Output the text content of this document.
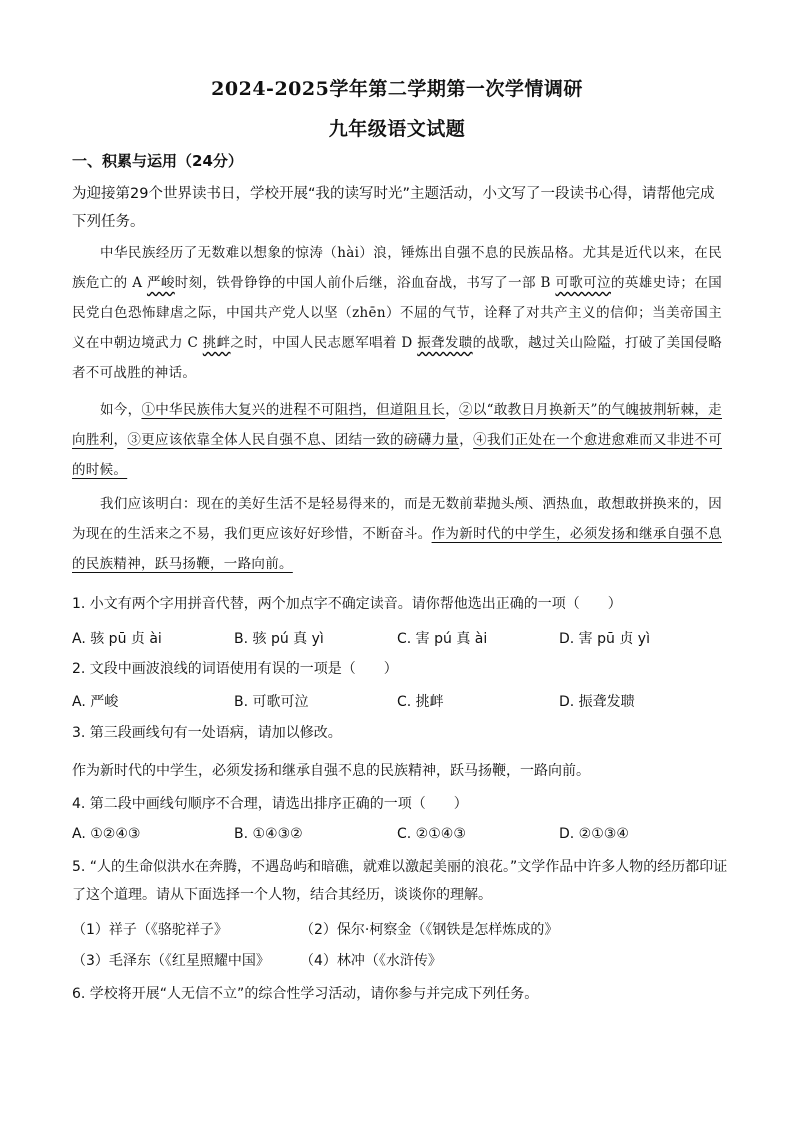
2024-2025学年第二学期第一次学情调研
九年级语文试题
一、积累与运用（24分）
为迎接第29个世界读书日，学校开展“我的读写时光”主题活动，小文写了一段读书心得，请帮他完成下列任务。
中华民族经历了无数难以想象的惊涛（hài）浪，锤炼出自强不息的民族品格。尤其是近代以来，在民族危亡的 A 严峻时刻，铁骨铮铮的中国人前仆后继，浴血奋战，书写了一部 B 可歌可泣的英雄史诗；在国民党白色恐怖肆虐之际，中国共产党人以坚（zhēn）不屈的气节，诠释了对共产主义的信仰；当美帝国主义在中朝边境武力 C 挑衅之时，中国人民志愿军唱着 D 振聋发聩的战歌，越过关山险隘，打破了美国侵略者不可战胜的神话。
如今，①中华民族伟大复兴的进程不可阻挡，但道阻且长，②以“敢教日月换新天”的气魄披荆斩棘，走向胜利，③更应该依靠全体人民自强不息、团结一致的磅礴力量，④我们正处在一个愈进愈难而又非进不可的时候。
我们应该明白：现在的美好生活不是轻易得来的，而是无数前辈抛头颅、洒热血，敢想敢拼换来的，因为现在的生活来之不易，我们更应该好好珍惜，不断奋斗。作为新时代的中学生，必须发扬和继承自强不息的民族精神，跃马扬鞭，一路向前。
1. 小文有两个字用拼音代替，两个加点字不确定读音。请你帮他选出正确的一项（　　）
A. 骇 pū 贞 ài	B. 骇 pú 真 yì	C. 害 pú 真 ài	D. 害 pū 贞 yì
2. 文段中画波浪线的词语使用有误的一项是（　　）
A. 严峻	B. 可歌可泣	C. 挑衅	D. 振聋发聩
3. 第三段画线句有一处语病，请加以修改。
作为新时代的中学生，必须发扬和继承自强不息的民族精神，跃马扬鞭，一路向前。
4. 第二段中画线句顺序不合理，请选出排序正确的一项（　　）
A. ①②④③	B. ①④③②	C. ②①④③	D. ②①③④
5. “人的生命似洪水在奔腾，不遇岛屿和暗礁，就难以激起美丽的浪花。”文学作品中许多人物的经历都印证了这个道理。请从下面选择一个人物，结合其经历，谈谈你的理解。
（1）祥子（《骆驼祥子》	（2）保尔·柯察金（《钢铁是怎样炼成的》
（3）毛泽东（《红星照耀中国》 （4）林冲（《水浒传》
6. 学校将开展“人无信不立”的综合性学习活动，请你参与并完成下列任务。
